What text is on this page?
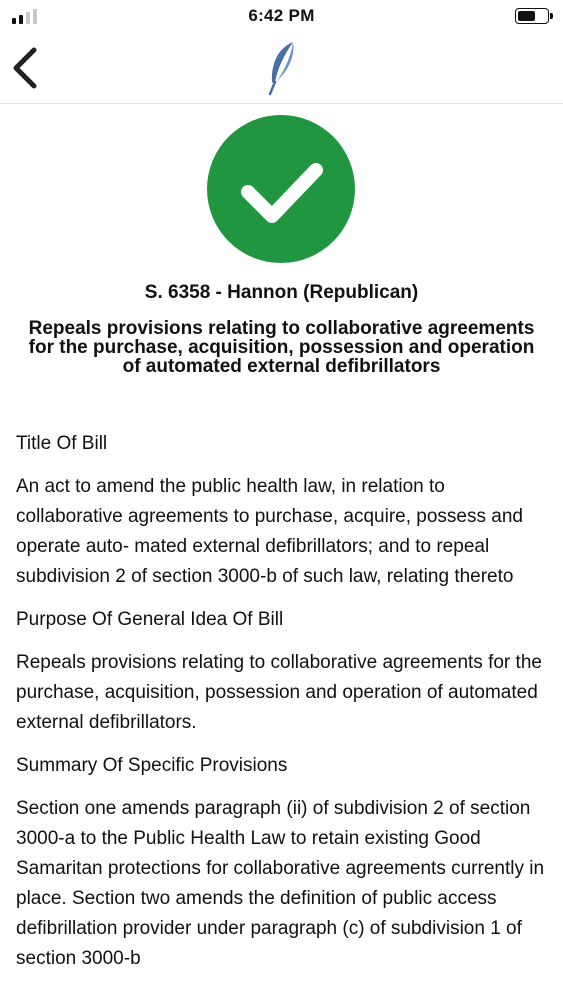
6:42 PM
S. 6358 - Hannon (Republican)
Repeals provisions relating to collaborative agreements for the purchase, acquisition, possession and operation of automated external defibrillators
Title Of Bill
An act to amend the public health law, in relation to collaborative agreements to purchase, acquire, possess and operate auto- mated external defibrillators; and to repeal subdivision 2 of section 3000-b of such law, relating thereto
Purpose Of General Idea Of Bill
Repeals provisions relating to collaborative agreements for the purchase, acquisition, possession and operation of automated external defibrillators.
Summary Of Specific Provisions
Section one amends paragraph (ii) of subdivision 2 of section 3000-a to the Public Health Law to retain existing Good Samaritan protections for collaborative agreements currently in place. Section two amends the definition of public access defibrillation provider under paragraph (c) of subdivision 1 of section 3000-b
